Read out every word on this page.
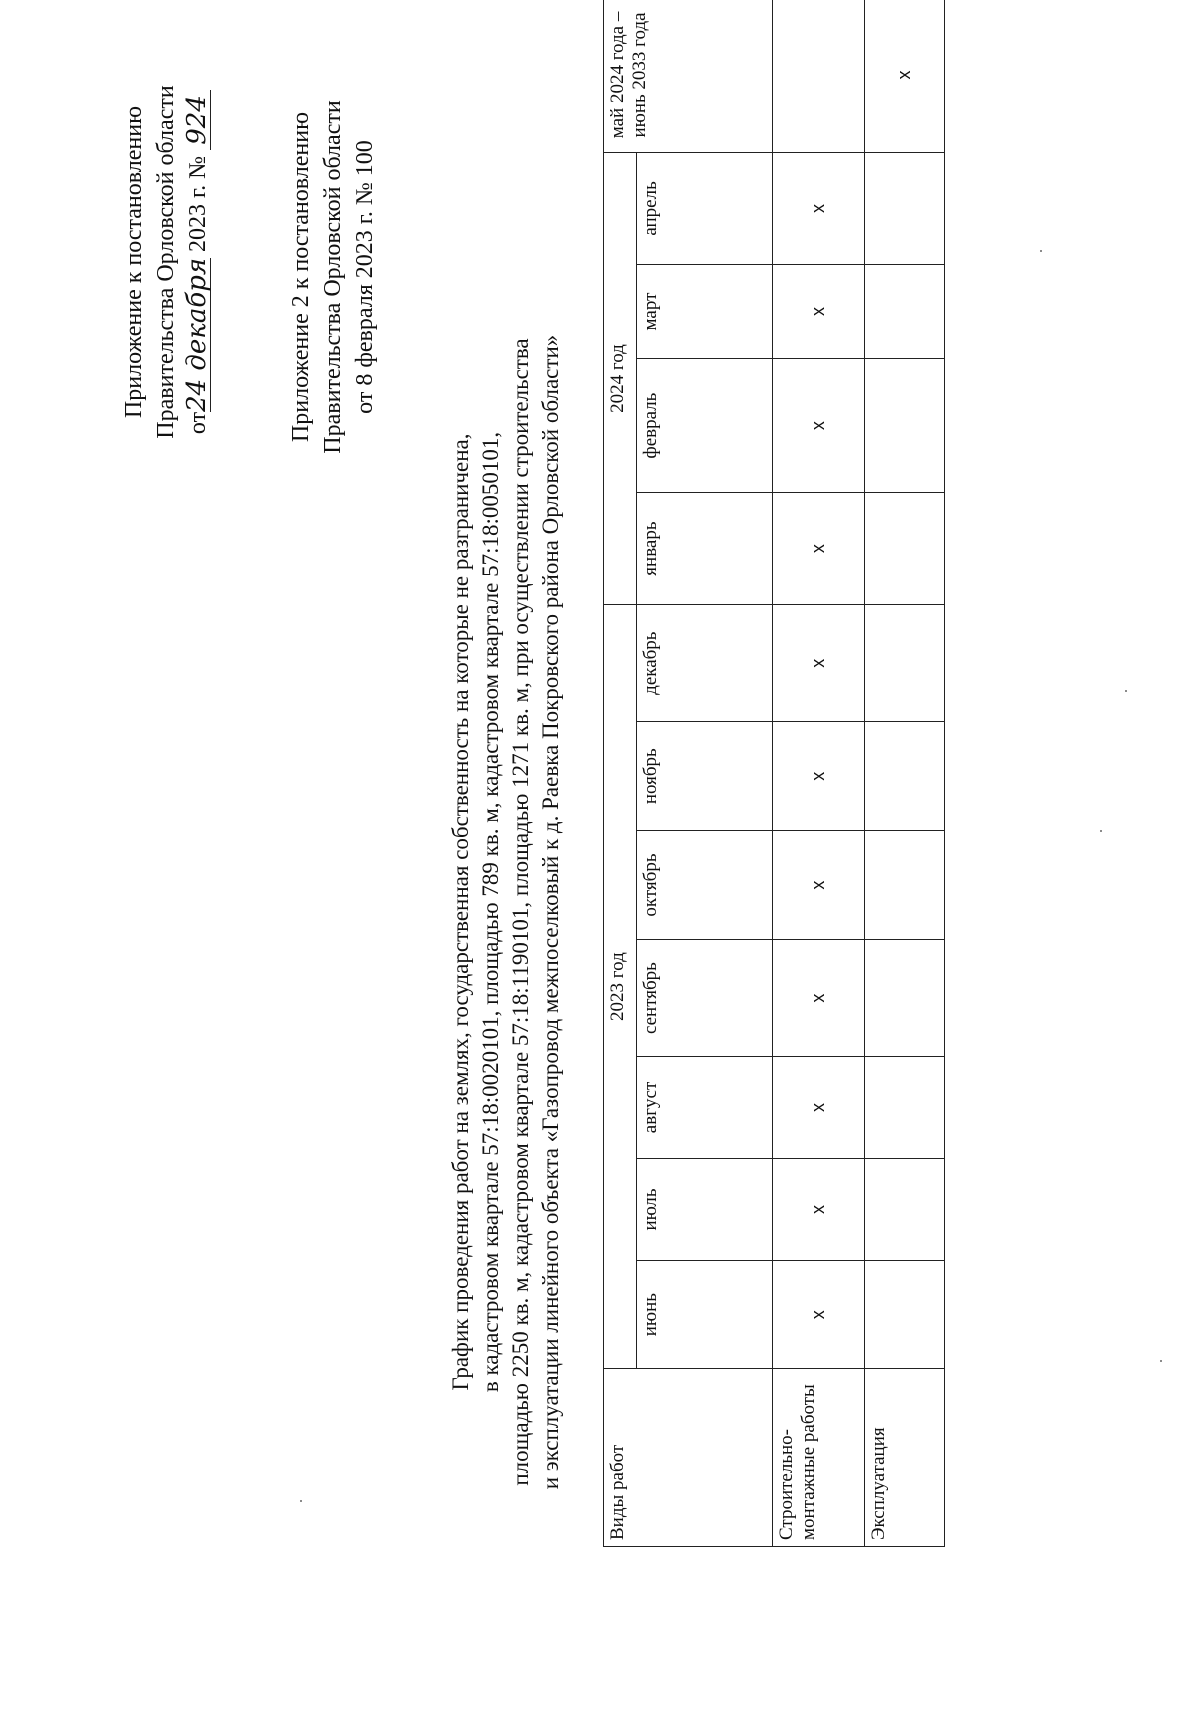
Приложение к постановлению Правительства Орловской области от24 декабря 2023 г. № 924	Приложение 2 к постановлению Правительства Орловской области от 8 февраля 2023 г. № 100
График проведения работ на землях, государственная собственность на которые не разграничена, в кадастровом квартале 57:18:0020101, площадью 789 кв. м, кадастровом квартале 57:18:0050101, площадью 2250 кв. м, кадастровом квартале 57:18:1190101, площадью 1271 кв. м, при осуществлении строительства и эксплуатации линейного объекта «Газопровод межпоселковый к д. Раевка Покровского района Орловской области»
Виды работ	2023 год							2024 год				май 2024 года – июнь 2033 года
	июнь	июль	август	сентябрь	октябрь	ноябрь	декабрь	январь	февраль	март	апрель	
Строительно-монтажные работы	x	x	x	x	x	x	x	x	x	x	x	
Эксплуатация												x
